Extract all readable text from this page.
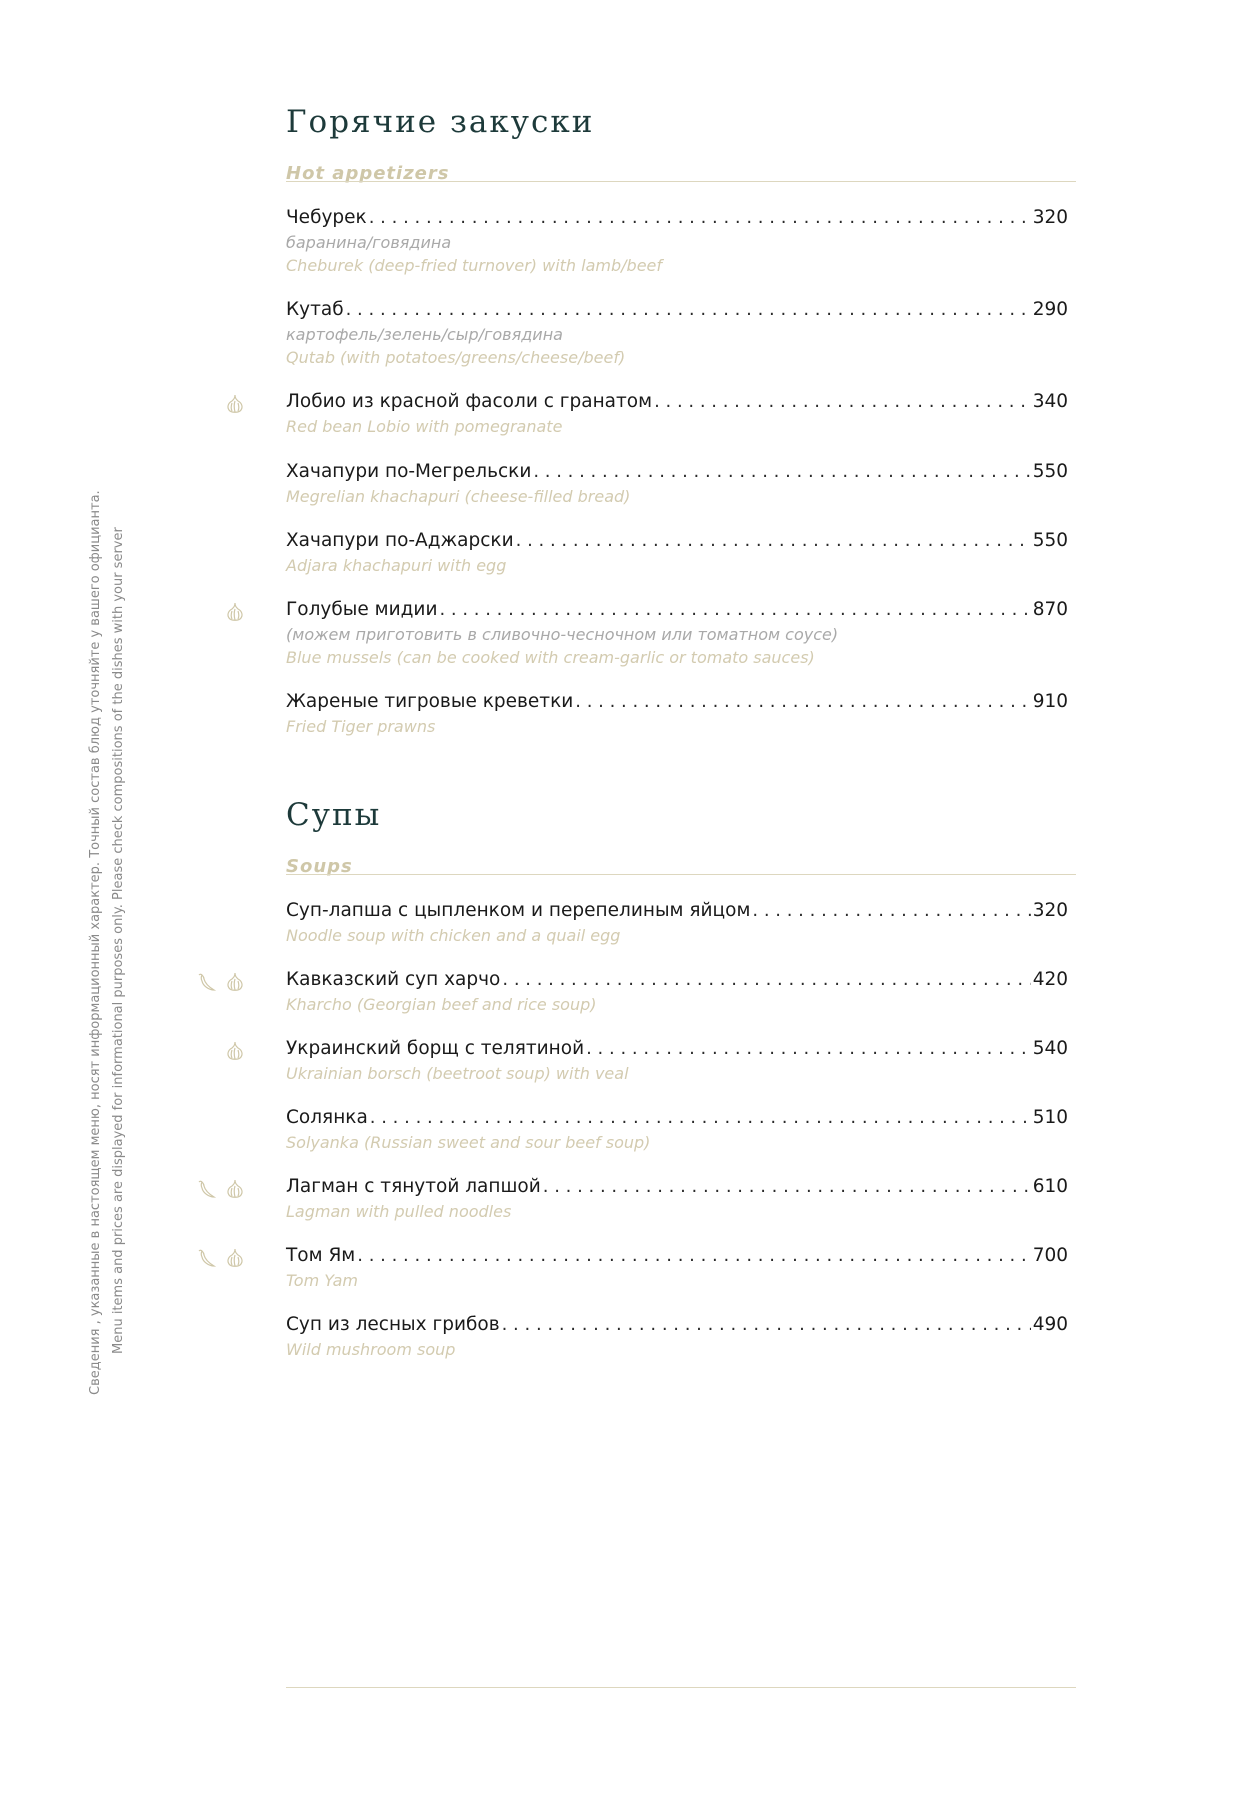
Сведения , указанные в настоящем меню, носят информационный характер. Точный состав блюд уточняйте у вашего официанта. Menu items and prices are displayed for informational purposes only. Please check compositions of the dishes with your server
Горячие закуски
Hot appetizers
Супы
Soups
Чебурек . . .	320
баранина/говядина
Cheburek (deep-fried turnover) with lamb/beef
Кутаб . . .	290
картофель/зелень/сыр/говядина
Qutab (with potatoes/greens/cheese/beef)
Лобио из красной фасоли с гранатом . . .	340
Red bean Lobio with pomegranate
Хачапури по-Мегрельски . . .	550
Megrelian khachapuri (cheese-filled bread)
Хачапури по-Аджарски . . .	550
Adjara khachapuri with egg
Голубые мидии . . .	870
(можем приготовить в сливочно-чесночном или томатном соусе)
Blue mussels (can be cooked with cream-garlic or tomato sauces)
Жареные тигровые креветки . . .	910
Fried Tiger prawns
Суп-лапша с цыпленком и перепелиным яйцом . . .	320
Noodle soup with chicken and a quail egg
Кавказский суп харчо . . .	420
Kharcho (Georgian beef and rice soup)
Украинский борщ с телятиной . . .	540
Ukrainian borsch (beetroot soup) with veal
Солянка . . .	510
Solyanka (Russian sweet and sour beef soup)
Лагман с тянутой лапшой . . .	610
Lagman with pulled noodles
Том Ям . . .	700
Tom Yam
Суп из лесных грибов . . .	490
Wild mushroom soup
